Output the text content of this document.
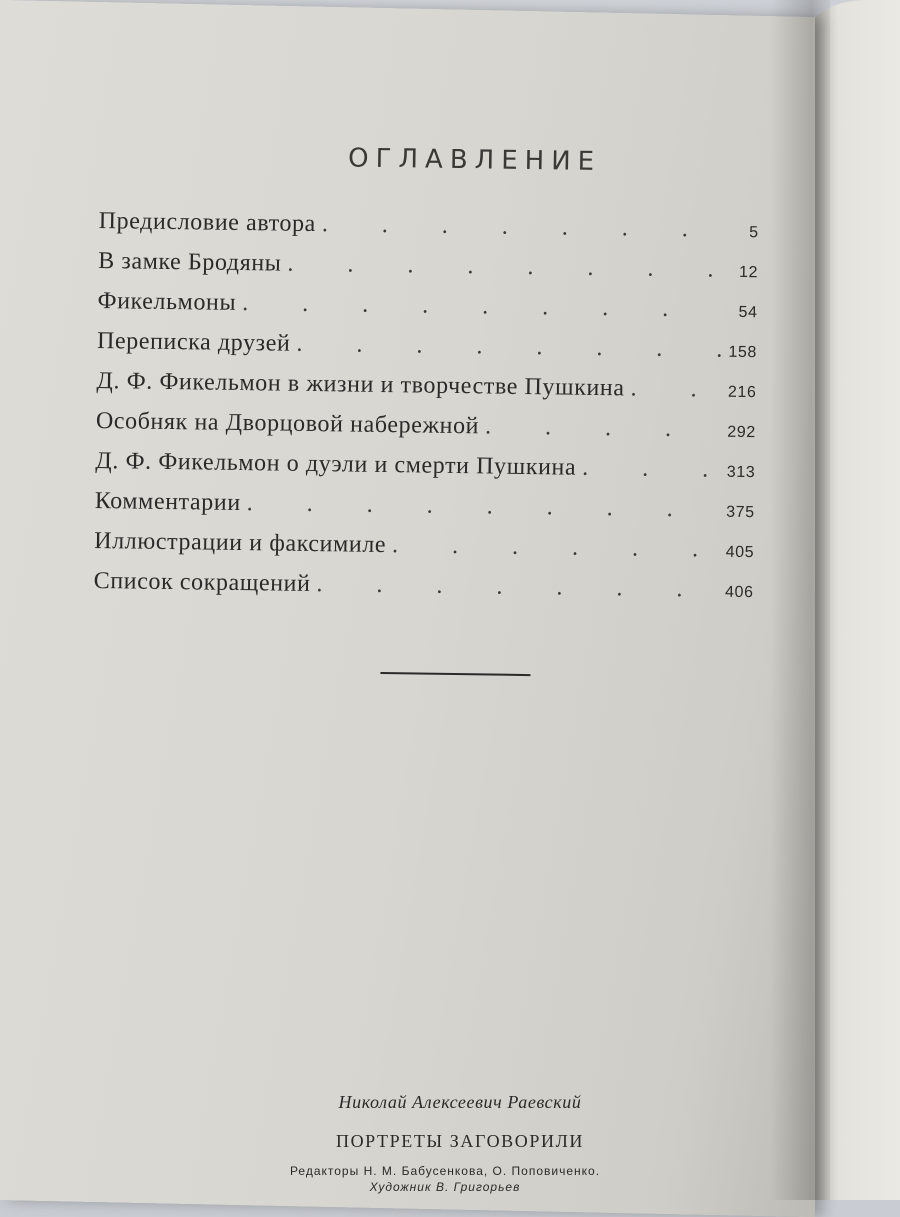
ОГЛАВЛЕНИЕ
Предисловие автора . . .	5
В замке Бродяны . . .	12
Фикельмоны . . .	54
Переписка друзей . . .	158
Д. Ф. Фикельмон в жизни и творчестве Пушкина . . .	216
Особняк на Дворцовой набережной . . .	292
Д. Ф. Фикельмон о дуэли и смерти Пушкина . . .	313
Комментарии . . .	375
Иллюстрации и факсимиле . . .	405
Список сокращений . . .	406
Николай Алексеевич Раевский
ПОРТРЕТЫ ЗАГОВОРИЛИ
Редакторы Н. М. Бабусенкова, О. Поповиченко.
Художник В. Григорьев
